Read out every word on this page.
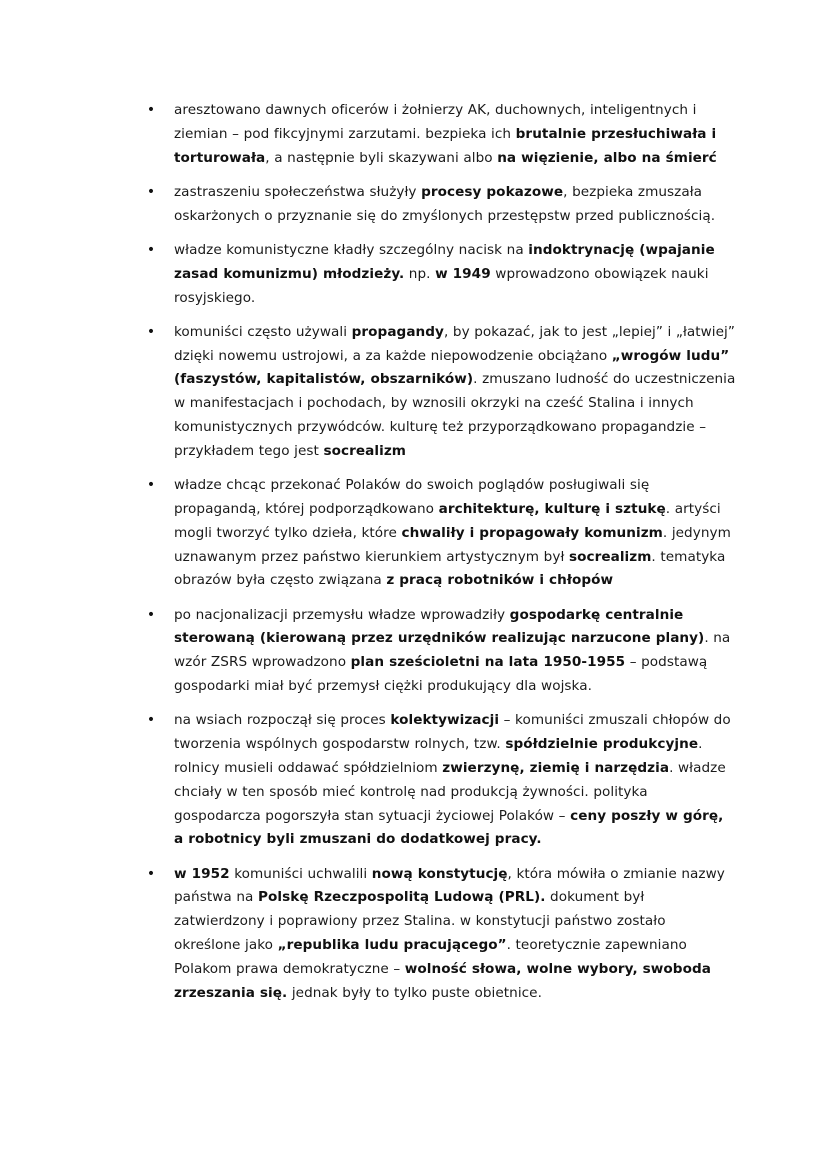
• aresztowano dawnych oficerów i żołnierzy AK, duchownych, inteligentnych i ziemian – pod fikcyjnymi zarzutami. bezpieka ich brutalnie przesłuchiwała i torturowała, a następnie byli skazywani albo na więzienie, albo na śmierć
• zastraszeniu społeczeństwa służyły procesy pokazowe, bezpieka zmuszała oskarżonych o przyznanie się do zmyślonych przestępstw przed publicznością.
• władze komunistyczne kładły szczególny nacisk na indoktrynację (wpajanie zasad komunizmu) młodzieży. np. w 1949 wprowadzono obowiązek nauki rosyjskiego.
• komuniści często używali propagandy, by pokazać, jak to jest „lepiej” i „łatwiej” dzięki nowemu ustrojowi, a za każde niepowodzenie obciążano „wrogów ludu” (faszystów, kapitalistów, obszarników). zmuszano ludność do uczestniczenia w manifestacjach i pochodach, by wznosili okrzyki na cześć Stalina i innych komunistycznych przywódców. kulturę też przyporządkowano propagandzie – przykładem tego jest socrealizm
• władze chcąc przekonać Polaków do swoich poglądów posługiwali się propagandą, której podporządkowano architekturę, kulturę i sztukę. artyści mogli tworzyć tylko dzieła, które chwaliły i propagowały komunizm. jedynym uznawanym przez państwo kierunkiem artystycznym był socrealizm. tematyka obrazów była często związana z pracą robotników i chłopów
• po nacjonalizacji przemysłu władze wprowadziły gospodarkę centralnie sterowaną (kierowaną przez urzędników realizując narzucone plany). na wzór ZSRS wprowadzono plan sześcioletni na lata 1950-1955 – podstawą gospodarki miał być przemysł ciężki produkujący dla wojska.
• na wsiach rozpoczął się proces kolektywizacji – komuniści zmuszali chłopów do tworzenia wspólnych gospodarstw rolnych, tzw. spółdzielnie produkcyjne. rolnicy musieli oddawać spółdzielniom zwierzynę, ziemię i narzędzia. władze chciały w ten sposób mieć kontrolę nad produkcją żywności. polityka gospodarcza pogorszyła stan sytuacji życiowej Polaków – ceny poszły w górę, a robotnicy byli zmuszani do dodatkowej pracy.
• w 1952 komuniści uchwalili nową konstytucję, która mówiła o zmianie nazwy państwa na Polskę Rzeczpospolitą Ludową (PRL). dokument był zatwierdzony i poprawiony przez Stalina. w konstytucji państwo zostało określone jako „republika ludu pracującego”. teoretycznie zapewniano Polakom prawa demokratyczne – wolność słowa, wolne wybory, swoboda zrzeszania się. jednak były to tylko puste obietnice.
